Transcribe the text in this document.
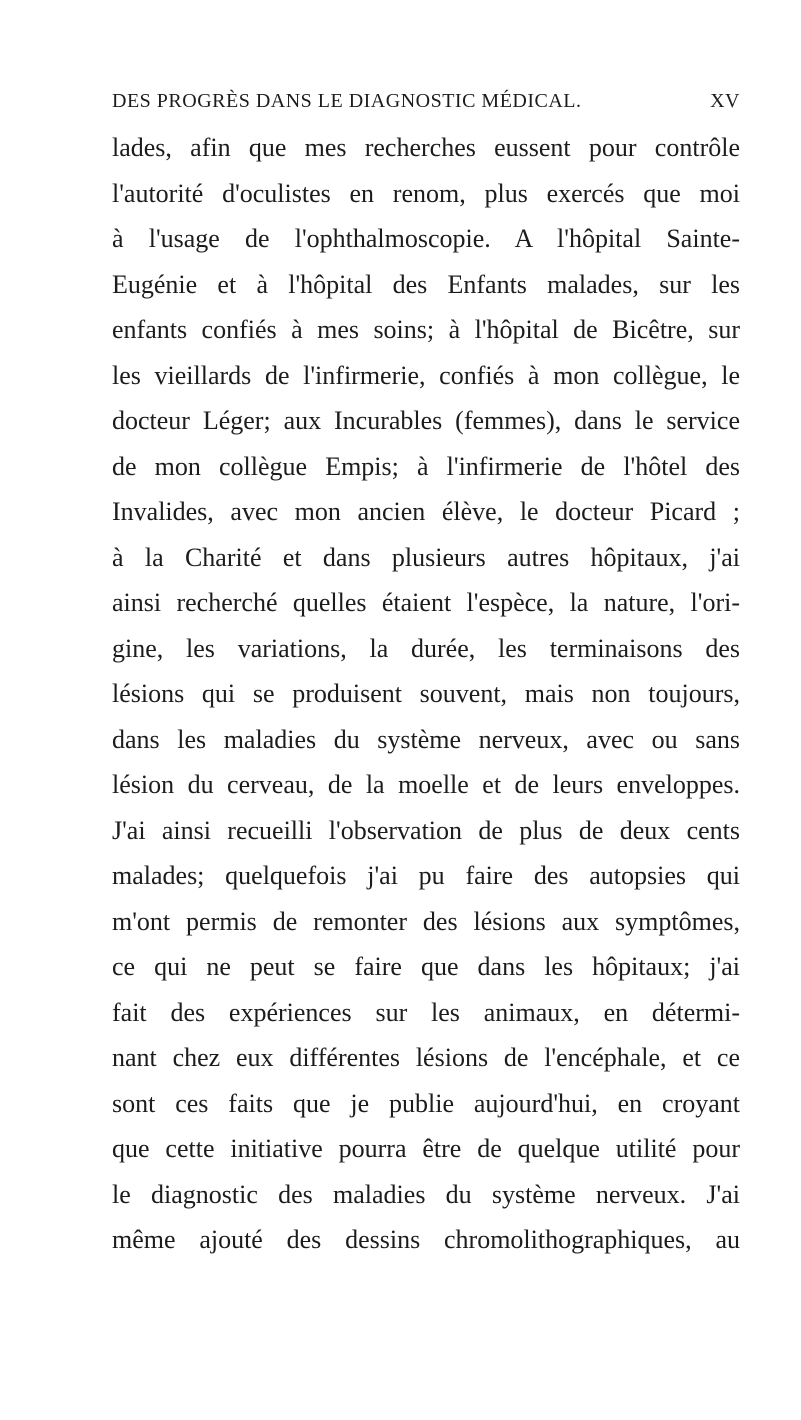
DES PROGRÈS DANS LE DIAGNOSTIC MÉDICAL.	XV
lades, afin que mes recherches eussent pour contrôle
l'autorité d'oculistes en renom, plus exercés que moi
à l'usage de l'ophthalmoscopie. A l'hôpital Sainte-
Eugénie et à l'hôpital des Enfants malades, sur les
enfants confiés à mes soins; à l'hôpital de Bicêtre, sur
les vieillards de l'infirmerie, confiés à mon collègue, le
docteur Léger; aux Incurables (femmes), dans le service
de mon collègue Empis; à l'infirmerie de l'hôtel des
Invalides, avec mon ancien élève, le docteur Picard ;
à la Charité et dans plusieurs autres hôpitaux, j'ai
ainsi recherché quelles étaient l'espèce, la nature, l'ori-
gine, les variations, la durée, les terminaisons des
lésions qui se produisent souvent, mais non toujours,
dans les maladies du système nerveux, avec ou sans
lésion du cerveau, de la moelle et de leurs enveloppes.
J'ai ainsi recueilli l'observation de plus de deux cents
malades; quelquefois j'ai pu faire des autopsies qui
m'ont permis de remonter des lésions aux symptômes,
ce qui ne peut se faire que dans les hôpitaux; j'ai
fait des expériences sur les animaux, en détermi-
nant chez eux différentes lésions de l'encéphale, et ce
sont ces faits que je publie aujourd'hui, en croyant
que cette initiative pourra être de quelque utilité pour
le diagnostic des maladies du système nerveux. J'ai
même ajouté des dessins chromolithographiques, au
